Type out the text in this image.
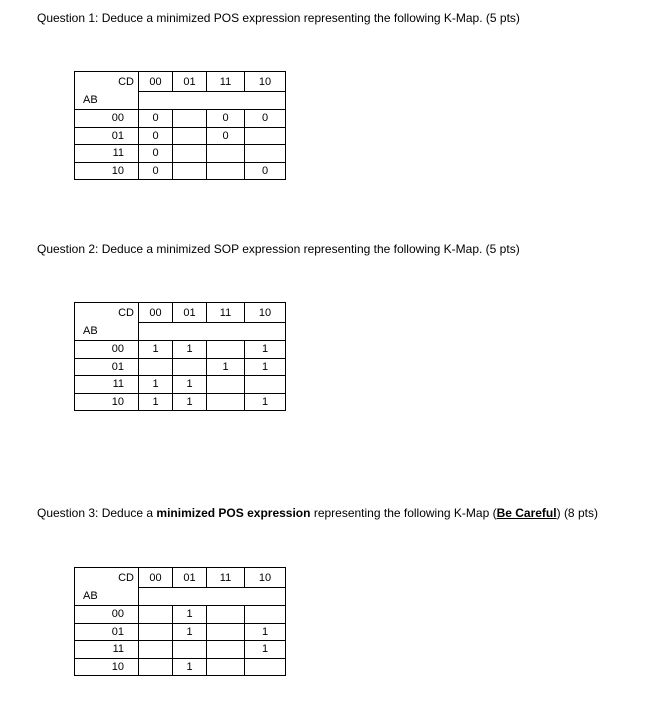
Question 1: Deduce a minimized POS expression representing the following K-Map. (5 pts)

CD	00	01	11	10
AB				
00	0		0	0
01	0		0	
11	0			
10	0			0

Question 2: Deduce a minimized SOP expression representing the following K-Map. (5 pts)

CD	00	01	11	10
AB				
00	1	1		1
01			1	1
11	1	1		
10	1	1		1

Question 3: Deduce a minimized POS expression representing the following K-Map (Be Careful) (8 pts)

CD	00	01	11	10
AB				
00		1		
01		1		1
11				1
10		1		
